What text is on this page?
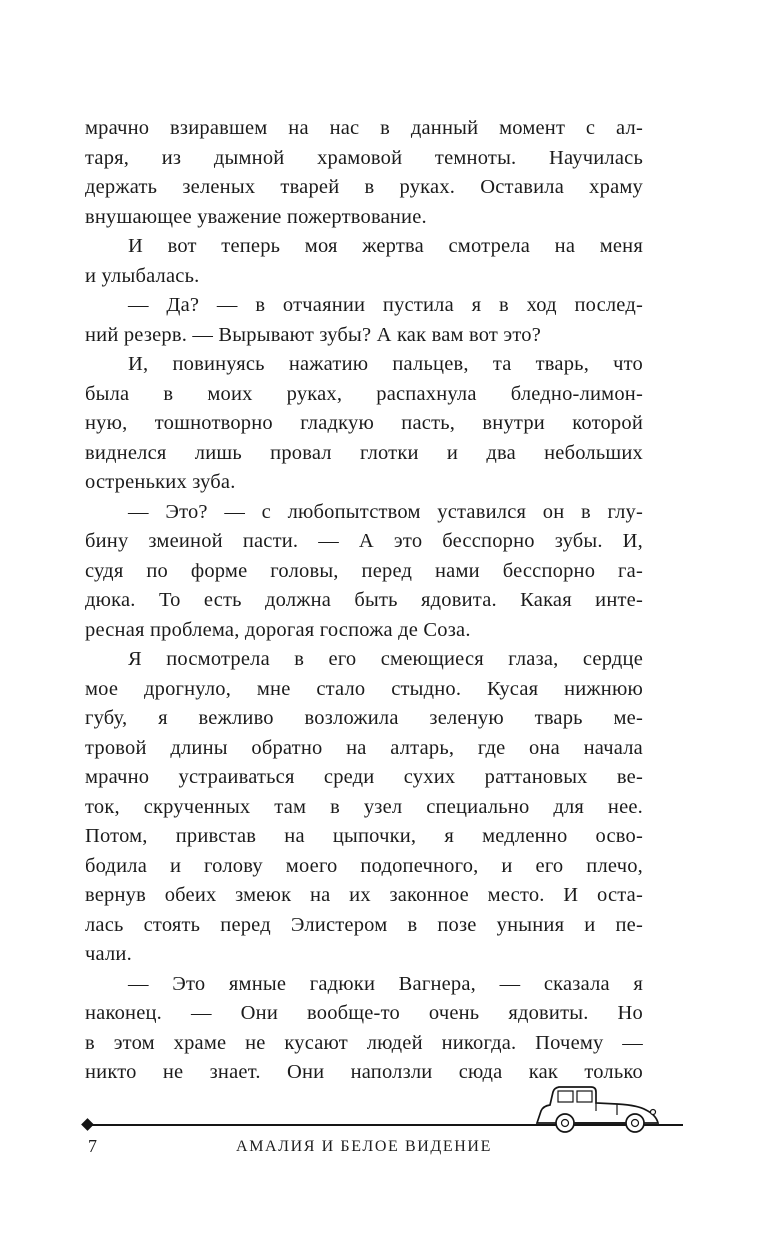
мрачно взиравшем на нас в данный момент с ал-
таря, из дымной храмовой темноты. Научилась
держать зеленых тварей в руках. Оставила храму
внушающее уважение пожертвование.
И вот теперь моя жертва смотрела на меня
и улыбалась.
— Да? — в отчаянии пустила я в ход послед-
ний резерв. — Вырывают зубы? А как вам вот это?
И, повинуясь нажатию пальцев, та тварь, что
была в моих руках, распахнула бледно-лимон-
ную, тошнотворно гладкую пасть, внутри которой
виднелся лишь провал глотки и два небольших
остреньких зуба.
— Это? — с любопытством уставился он в глу-
бину змеиной пасти. — А это бесспорно зубы. И,
судя по форме головы, перед нами бесспорно га-
дюка. То есть должна быть ядовита. Какая инте-
ресная проблема, дорогая госпожа де Соза.
Я посмотрела в его смеющиеся глаза, сердце
мое дрогнуло, мне стало стыдно. Кусая нижнюю
губу, я вежливо возложила зеленую тварь ме-
тровой длины обратно на алтарь, где она начала
мрачно устраиваться среди сухих раттановых ве-
ток, скрученных там в узел специально для нее.
Потом, привстав на цыпочки, я медленно осво-
бодила и голову моего подопечного, и его плечо,
вернув обеих змеюк на их законное место. И оста-
лась стоять перед Элистером в позе уныния и пе-
чали.
— Это ямные гадюки Вагнера, — сказала я
наконец. — Они вообще-то очень ядовиты. Но
в этом храме не кусают людей никогда. Почему —
никто не знает. Они наползли сюда как только
7	АМАЛИЯ И БЕЛОЕ ВИДЕНИЕ
